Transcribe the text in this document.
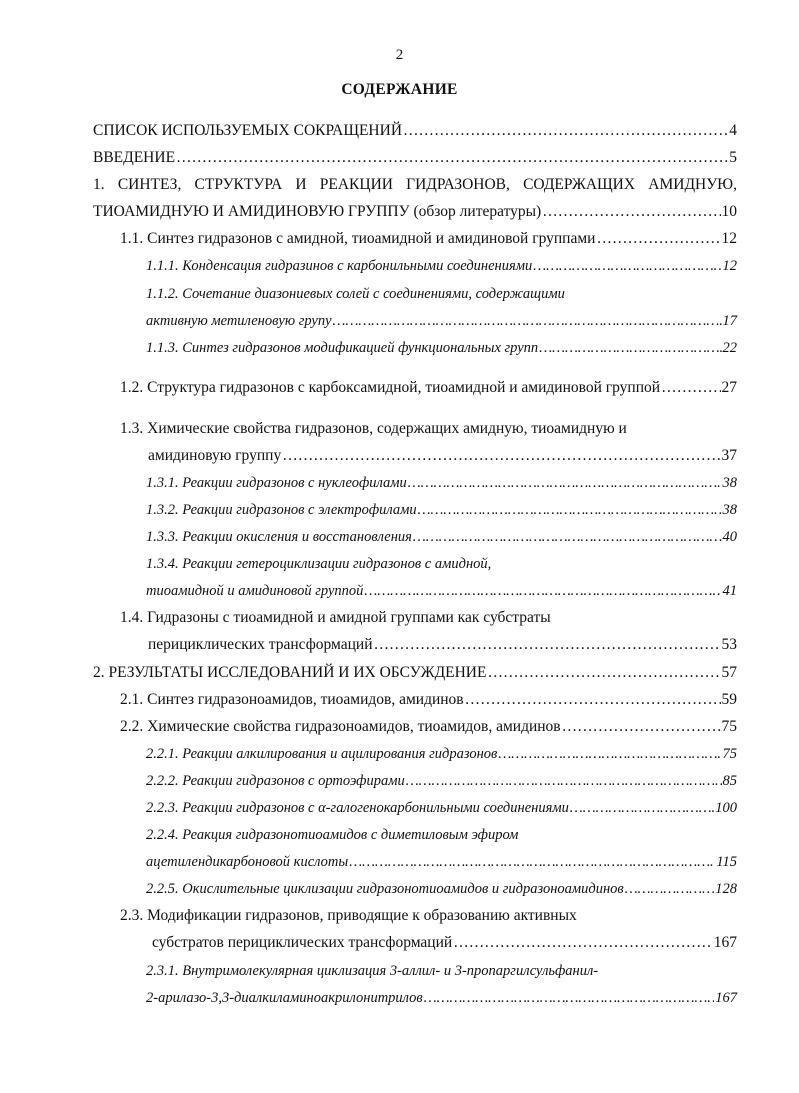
2
СОДЕРЖАНИЕ
СПИСОК ИСПОЛЬЗУЕМЫХ СОКРАЩЕНИЙ ………………………………………………………………………………………………………………………………………………………………………………………………………………	4
ВВЕДЕНИЕ ………………………………………………………………………………………………………………………………………………………………………………………………………………	5
1. СИНТЕЗ, СТРУКТУРА И РЕАКЦИИ ГИДРАЗОНОВ, СОДЕРЖАЩИХ АМИДНУЮ,
ТИОАМИДНУЮ И АМИДИНОВУЮ ГРУППУ (обзор литературы) ………………………………………………………………………………………………………………………………………………………………………………………………………………	10
1.1. Синтез гидразонов с амидной, тиоамидной и амидиновой группами ………………………………………………………………………………………………………………………………………………………………………………………………………………	12
1.1.1. Конденсация гидразинов с карбонильными соединениями ………………………………………………………………………………………………………………………………………………………………………………………………………………	12
1.1.2. Сочетание диазониевых солей с соединениями, содержащими
активную метиленовую групу ………………………………………………………………………………………………………………………………………………………………………………………………………………	17
1.1.3. Синтез гидразонов модификацией функциональных групп ………………………………………………………………………………………………………………………………………………………………………………………………………………	22
1.2. Структура гидразонов с карбоксамидной, тиоамидной и амидиновой группой ………………………………………………………………………………………………………………………………………………………………………………………………………………	27
1.3. Химические свойства гидразонов, содержащих амидную, тиоамидную и
амидиновую группу ………………………………………………………………………………………………………………………………………………………………………………………………………………	37
1.3.1. Реакции гидразонов с нуклеофилами ………………………………………………………………………………………………………………………………………………………………………………………………………………	38
1.3.2. Реакции гидразонов с электрофилами ………………………………………………………………………………………………………………………………………………………………………………………………………………	38
1.3.3. Реакции окисления и восстановления ………………………………………………………………………………………………………………………………………………………………………………………………………………	40
1.3.4. Реакции гетероциклизации гидразонов с амидной,
тиоамидной и амидиновой группой ………………………………………………………………………………………………………………………………………………………………………………………………………………	41
1.4. Гидразоны с тиоамидной и амидной группами как субстраты
перициклических трансформаций ………………………………………………………………………………………………………………………………………………………………………………………………………………	53
2. РЕЗУЛЬТАТЫ ИССЛЕДОВАНИЙ И ИХ ОБСУЖДЕНИЕ ………………………………………………………………………………………………………………………………………………………………………………………………………………	57
2.1. Синтез гидразоноамидов, тиоамидов, амидинов ………………………………………………………………………………………………………………………………………………………………………………………………………………	59
2.2. Химические свойства гидразоноамидов, тиоамидов, амидинов ………………………………………………………………………………………………………………………………………………………………………………………………………………	75
2.2.1. Реакции алкилирования и ацилирования гидразонов ………………………………………………………………………………………………………………………………………………………………………………………………………………	75
2.2.2. Реакции гидразонов с ортоэфирами ………………………………………………………………………………………………………………………………………………………………………………………………………………	85
2.2.3. Реакции гидразонов с α-галогенокарбонильными соединениями ………………………………………………………………………………………………………………………………………………………………………………………………………………	100
2.2.4. Реакция гидразонотиоамидов с диметиловым эфиром
ацетилендикарбоновой кислоты ………………………………………………………………………………………………………………………………………………………………………………………………………………	115
2.2.5. Окислительные циклизации гидразонотиоамидов и гидразоноамидинов ………………………………………………………………………………………………………………………………………………………………………………………………………………	128
2.3. Модификации гидразонов, приводящие к образованию активных
субстратов перициклических трансформаций ………………………………………………………………………………………………………………………………………………………………………………………………………………	167
2.3.1. Внутримолекулярная циклизация 3-аллил- и 3-пропаргилсульфанил-
2-арилазо-3,3-диалкиламиноакрилонитрилов ………………………………………………………………………………………………………………………………………………………………………………………………………………	167
